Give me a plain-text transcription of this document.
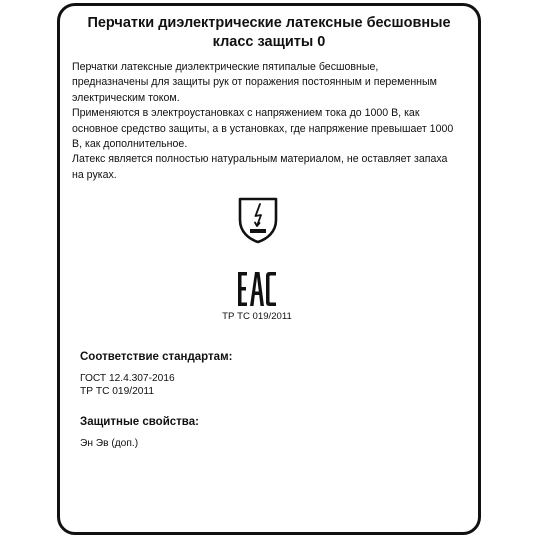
Перчатки диэлектрические латексные бесшовные
класс защиты 0

Перчатки латексные диэлектрические пятипалые бесшовные,

предназначены для защиты рук от поражения постоянным и переменным

электрическим током.

Применяются в электроустановках с напряжением тока до 1000 В, как

основное средство защиты, а в установках, где напряжение превышает 1000

В, как дополнительное.

Латекс является полностью натуральным материалом, не оставляет запаха

на руках.

ТР ТС 019/2011
Соответствие стандартам:
ГОСТ 12.4.307-2016
ТР ТС 019/2011
Защитные свойства:
Эн Эв (доп.)
